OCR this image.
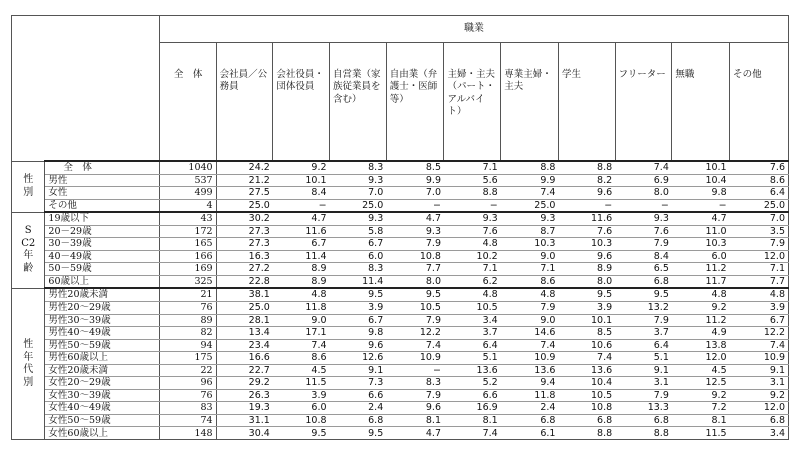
		職業										
		全　体	会社員／公務員	会社役員・団体役員	自営業（家族従業員を含む）	自由業（弁護士・医師等）	主婦・主夫（パート・アルバイト）	専業主婦・主夫	学生	フリーター	無職	その他
性別	全　体	1040	24.2	9.2	8.3	8.5	7.1	8.8	8.8	7.4	10.1	7.6
	男性	537	21.2	10.1	9.3	9.9	5.6	9.9	8.2	6.9	10.4	8.6
	女性	499	27.5	8.4	7.0	7.0	8.8	7.4	9.6	8.0	9.8	6.4
	その他	4	25.0	−	25.0	−	−	25.0	−	−	−	25.0
SC2年齢	19歳以下	43	30.2	4.7	9.3	4.7	9.3	9.3	11.6	9.3	4.7	7.0
	20－29歳	172	27.3	11.6	5.8	9.3	7.6	8.7	7.6	7.6	11.0	3.5
	30－39歳	165	27.3	6.7	6.7	7.9	4.8	10.3	10.3	7.9	10.3	7.9
	40－49歳	166	16.3	11.4	6.0	10.8	10.2	9.0	9.6	8.4	6.0	12.0
	50－59歳	169	27.2	8.9	8.3	7.7	7.1	7.1	8.9	6.5	11.2	7.1
	60歳以上	325	22.8	8.9	11.4	8.0	6.2	8.6	8.0	6.8	11.7	7.7
性年代別	男性20歳未満	21	38.1	4.8	9.5	9.5	4.8	4.8	9.5	9.5	4.8	4.8
	男性20～29歳	76	25.0	11.8	3.9	10.5	10.5	7.9	3.9	13.2	9.2	3.9
	男性30～39歳	89	28.1	9.0	6.7	7.9	3.4	9.0	10.1	7.9	11.2	6.7
	男性40～49歳	82	13.4	17.1	9.8	12.2	3.7	14.6	8.5	3.7	4.9	12.2
	男性50～59歳	94	23.4	7.4	9.6	7.4	6.4	7.4	10.6	6.4	13.8	7.4
	男性60歳以上	175	16.6	8.6	12.6	10.9	5.1	10.9	7.4	5.1	12.0	10.9
	女性20歳未満	22	22.7	4.5	9.1	−	13.6	13.6	13.6	9.1	4.5	9.1
	女性20～29歳	96	29.2	11.5	7.3	8.3	5.2	9.4	10.4	3.1	12.5	3.1
	女性30～39歳	76	26.3	3.9	6.6	7.9	6.6	11.8	10.5	7.9	9.2	9.2
	女性40～49歳	83	19.3	6.0	2.4	9.6	16.9	2.4	10.8	13.3	7.2	12.0
	女性50～59歳	74	31.1	10.8	6.8	8.1	8.1	6.8	6.8	6.8	8.1	6.8
	女性60歳以上	148	30.4	9.5	9.5	4.7	7.4	6.1	8.8	8.8	11.5	3.4
